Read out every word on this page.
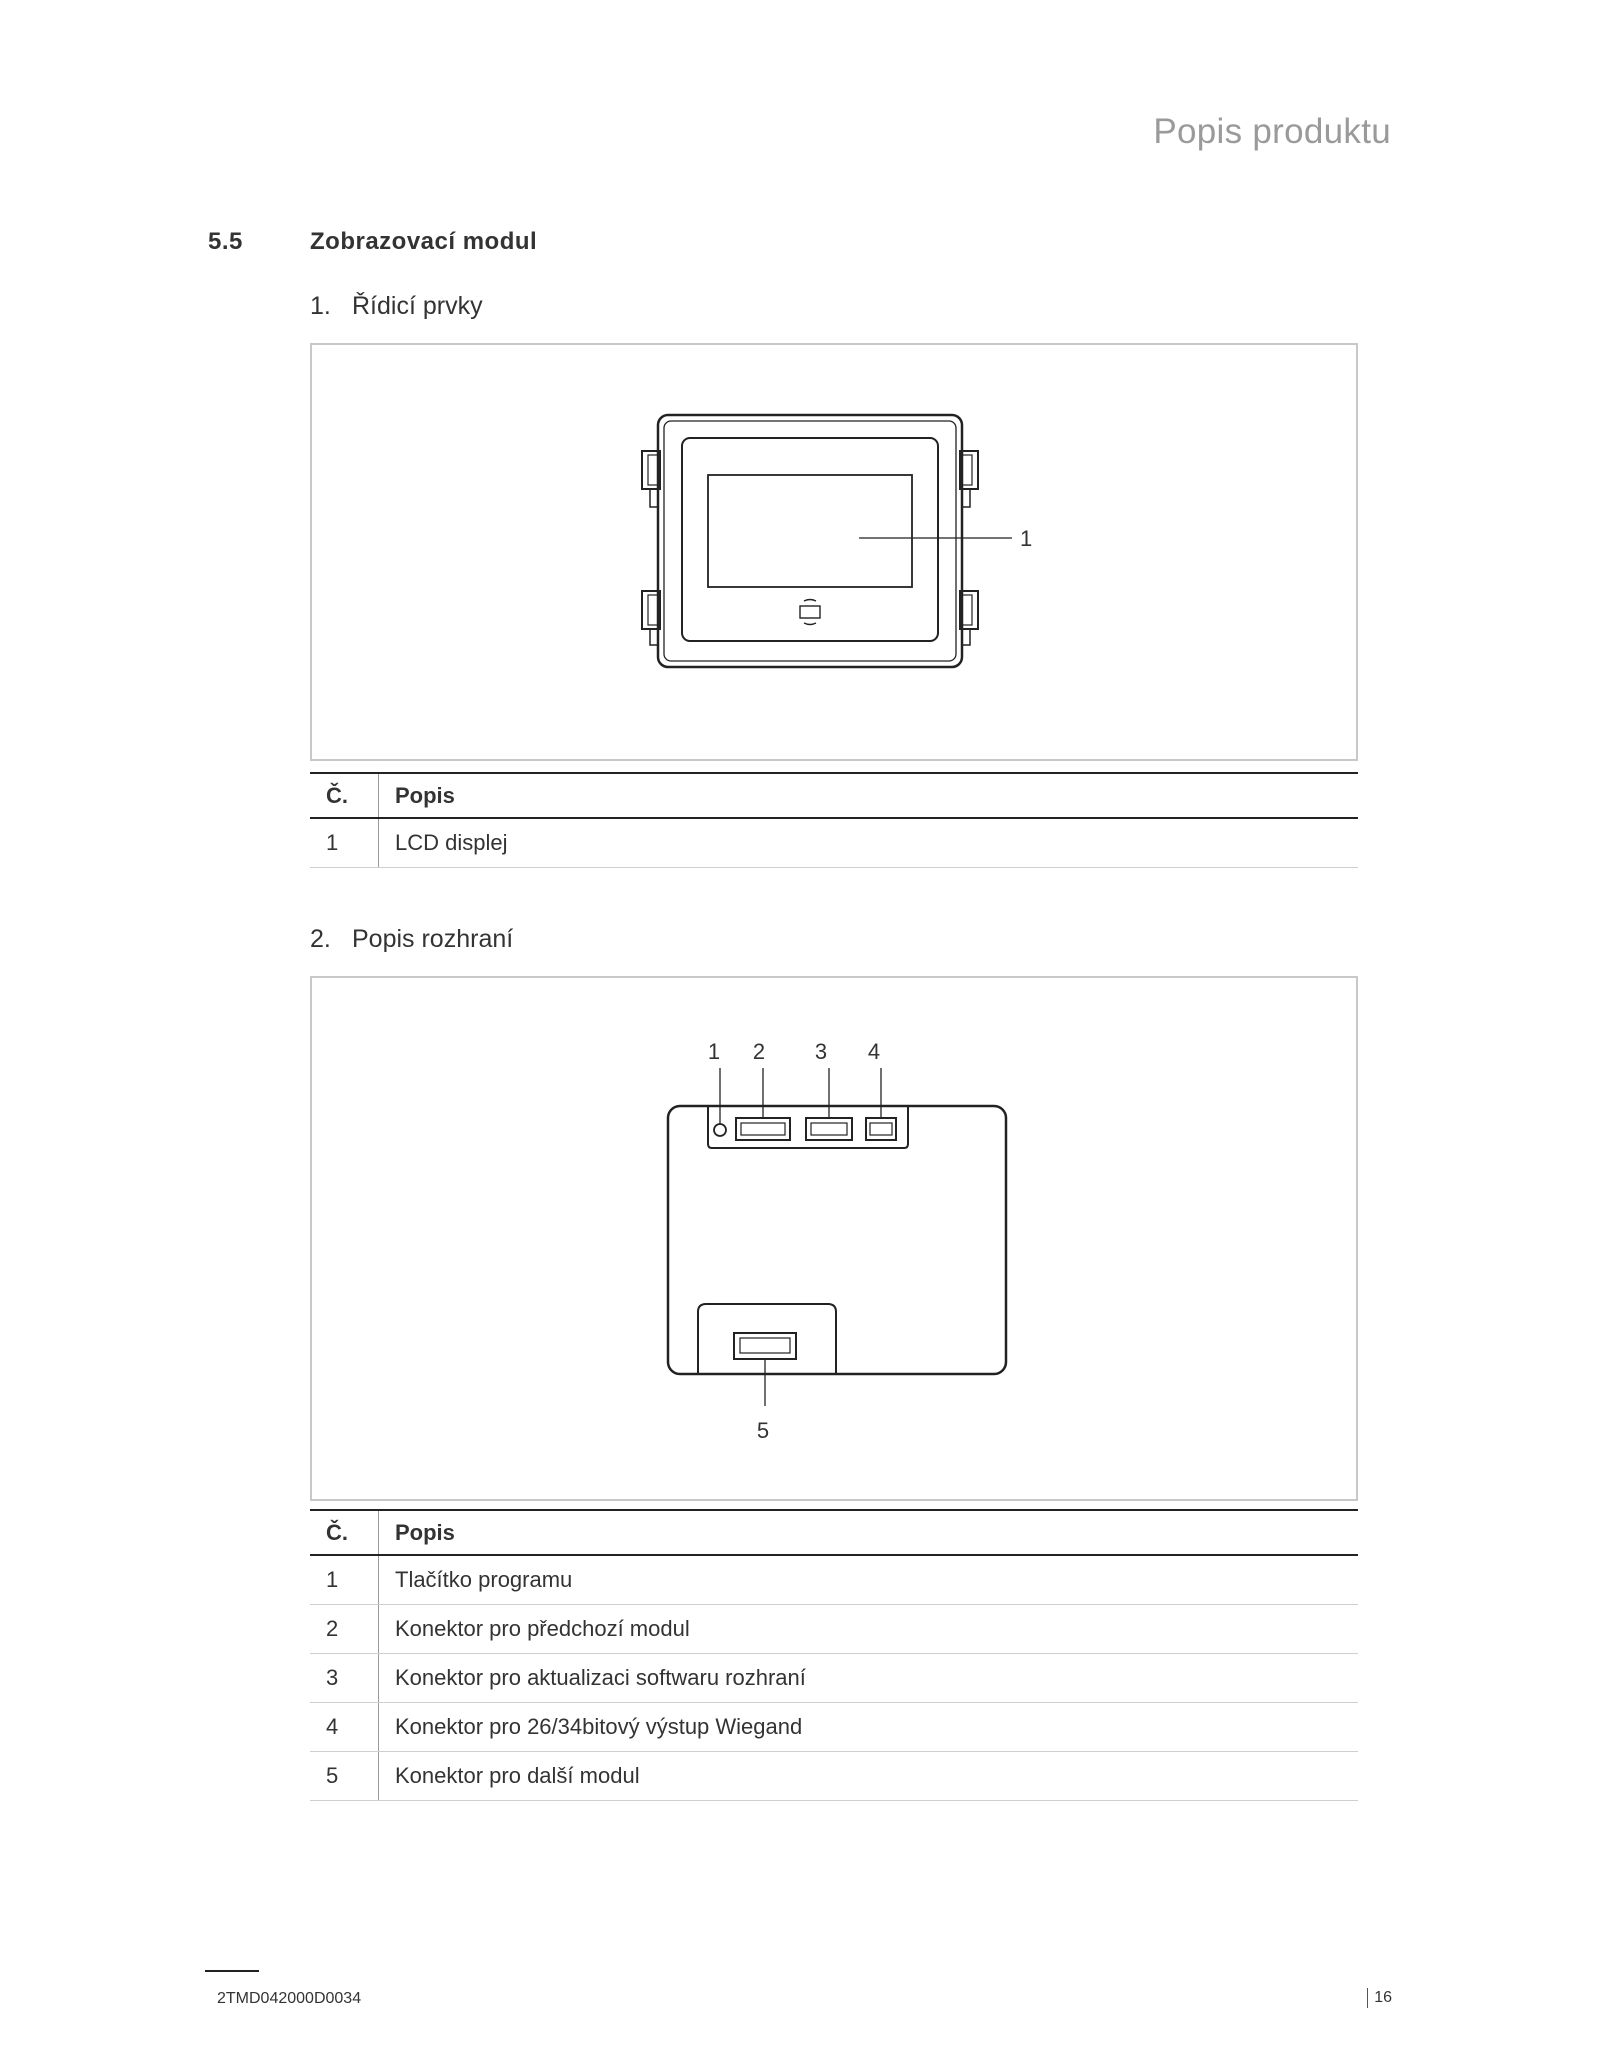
Popis produktu
5.5	Zobrazovací modul
1. Řídicí prvky
1
Č.	Popis
1	LCD displej
2. Popis rozhraní
1 2 3 4
5
Č.	Popis
1	Tlačítko programu
2	Konektor pro předchozí modul
3	Konektor pro aktualizaci softwaru rozhraní
4	Konektor pro 26/34bitový výstup Wiegand
5	Konektor pro další modul
2TMD042000D0034	16
